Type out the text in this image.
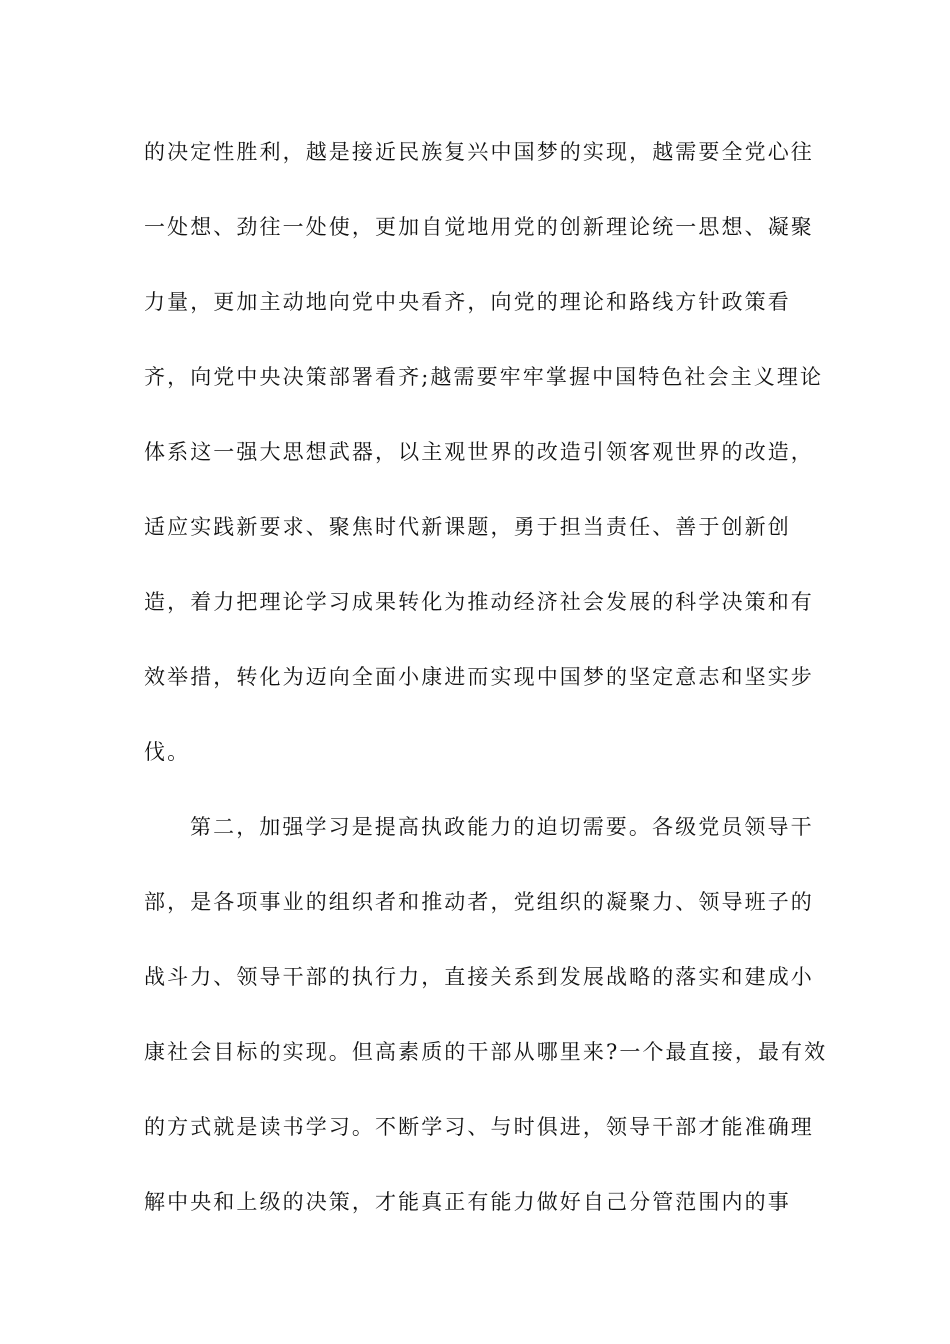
的决定性胜利，越是接近民族复兴中国梦的实现，越需要全党心往
一处想、劲往一处使，更加自觉地用党的创新理论统一思想、凝聚
力量，更加主动地向党中央看齐，向党的理论和路线方针政策看
齐，向党中央决策部署看齐;越需要牢牢掌握中国特色社会主义理论
体系这一强大思想武器，以主观世界的改造引领客观世界的改造，
适应实践新要求、聚焦时代新课题，勇于担当责任、善于创新创
造，着力把理论学习成果转化为推动经济社会发展的科学决策和有
效举措，转化为迈向全面小康进而实现中国梦的坚定意志和坚实步
伐。
第二，加强学习是提高执政能力的迫切需要。各级党员领导干
部，是各项事业的组织者和推动者，党组织的凝聚力、领导班子的
战斗力、领导干部的执行力，直接关系到发展战略的落实和建成小
康社会目标的实现。但高素质的干部从哪里来?一个最直接，最有效
的方式就是读书学习。不断学习、与时俱进，领导干部才能准确理
解中央和上级的决策，才能真正有能力做好自己分管范围内的事
